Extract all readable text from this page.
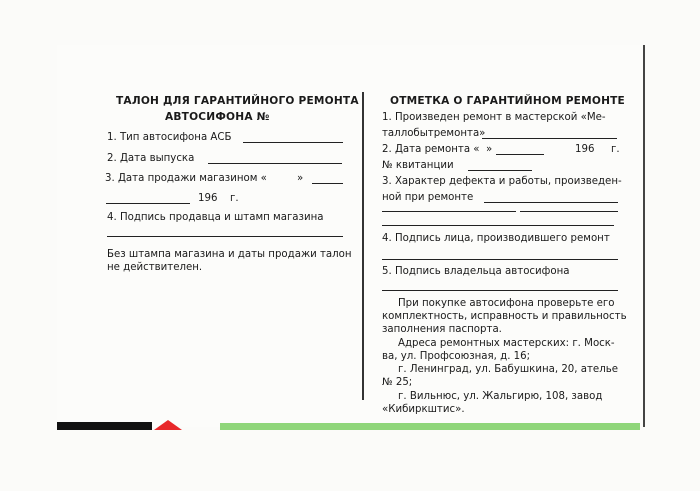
ТАЛОН ДЛЯ ГАРАНТИЙНОГО РЕМОНТА
АВТОСИФОНА №
1. Тип автосифона АСБ
2. Дата выпуска
3. Дата продажи магазином «	»
196 г.
4. Подпись продавца и штамп магазина
Без штампа магазина и даты продажи талон
не действителен.
ОТМЕТКА О ГАРАНТИЙНОМ РЕМОНТЕ
1. Произведен ремонт в мастерской «Ме-
таллобытремонта»
2. Дата ремонта « »	196 г.
№ квитанции
3. Характер дефекта и работы, произведен-
ной при ремонте
4. Подпись лица, производившего ремонт
5. Подпись владельца автосифона
При покупке автосифона проверьте его
комплектность, исправность и правильность
заполнения паспорта.
Адреса ремонтных мастерских: г. Моск-
ва, ул. Профсоюзная, д. 16;
г. Ленинград, ул. Бабушкина, 20, ателье
№ 25;
г. Вильнюс, ул. Жальгирю, 108, завод
«Кибиркштис».
